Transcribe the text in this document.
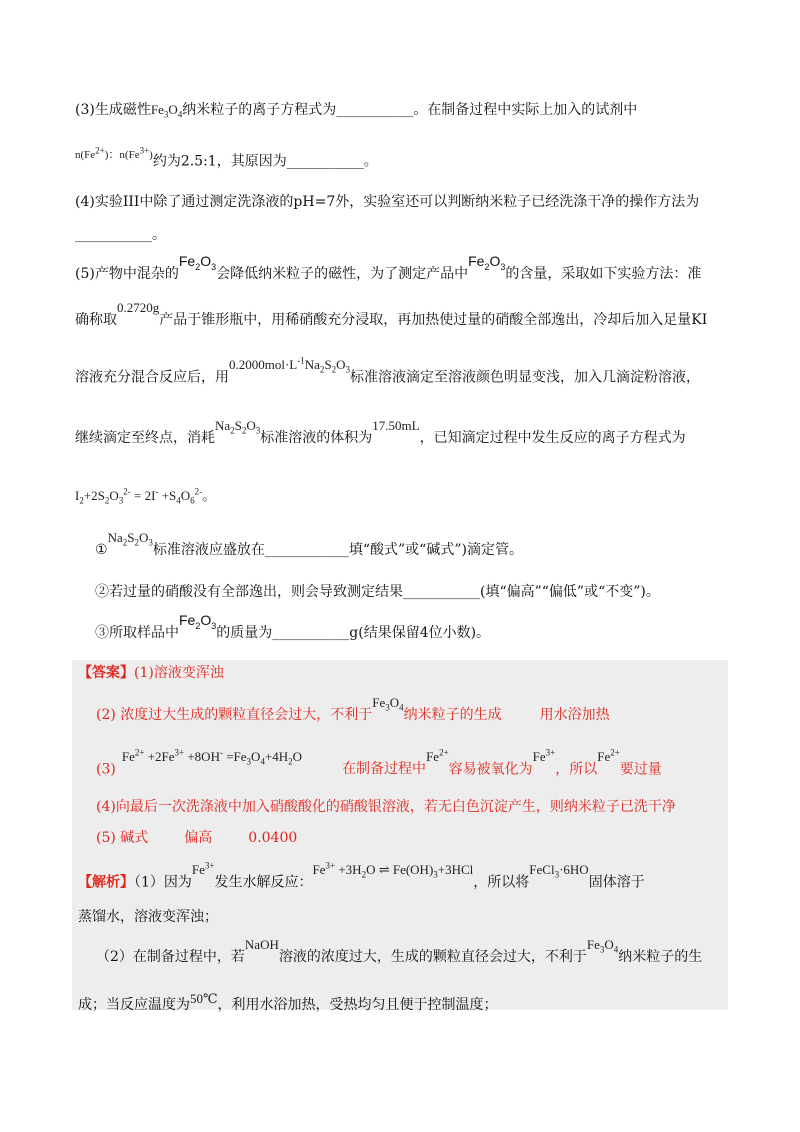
(3)生成磁性$Fe_3O_4$纳米粒子的离子方程式为___________。在制备过程中实际上加入的试剂中
$^{n(Fe^{2+}):n(Fe^{3+})}$约为2.5:1，其原因为___________。
(4)实验III中除了通过测定洗涤液的pH=7外，实验室还可以判断纳米粒子已经洗涤干净的操作方法为
___________。
(5)产物中混杂的$Fe_2O_3$会降低纳米粒子的磁性，为了测定产品中$Fe_2O_3$的含量，采取如下实验方法：准
确称取0.2720g产品于锥形瓶中，用稀硝酸充分浸取，再加热使过量的硝酸全部逸出，冷却后加入足量KI
溶液充分混合反应后，用$0.2000mol\cdot L^{-1}Na_2S_2O_3$标准溶液滴定至溶液颜色明显变浅，加入几滴淀粉溶液，
继续滴定至终点，消耗$Na_2S_2O_3$标准溶液的体积为17.50mL，已知滴定过程中发生反应的离子方程式为
$I_2+2S_2O_3^{2-} = 2I^- +S_4O_6^{2-}$。
$①Na_2S_2O_3$标准溶液应盛放在____________填“酸式”或“碱式”)滴定管。
②若过量的硝酸没有全部逸出，则会导致测定结果___________(填“偏高”“偏低”或“不变”)。
③所取样品中$Fe_2O_3$的质量为___________g(结果保留4位小数)。
【答案】(1)溶液变浑浊
(2) 浓度过大生成的颗粒直径会过大，不利于$Fe_3O_4$纳米粒子的生成	用水浴加热
$(3)Fe^{2+} +2Fe^{3+} +8OH^- =Fe_3O_4+4H_2O$在制备过程中$Fe^{2+}$容易被氧化为$Fe^{3+}$，所以$Fe^{2+}$要过量
(4)向最后一次洗涤液中加入硝酸酸化的硝酸银溶液，若无白色沉淀产生，则纳米粒子已洗干净
(5) 碱式	偏高	0.0400
【解析】（1）因为$Fe^{3+}$发生水解反应：$Fe^{3+} +3H_2O$ ⇌ $Fe(OH)_3+3HCl$，所以将FeCl$_3$·6HO固体溶于
蒸馏水，溶液变浑浊；
（2）在制备过程中，若NaOH溶液的浓度过大，生成的颗粒直径会过大，不利于$Fe_3O_4$纳米粒子的生
成；当反应温度为50℃，利用水浴加热，受热均匀且便于控制温度；
